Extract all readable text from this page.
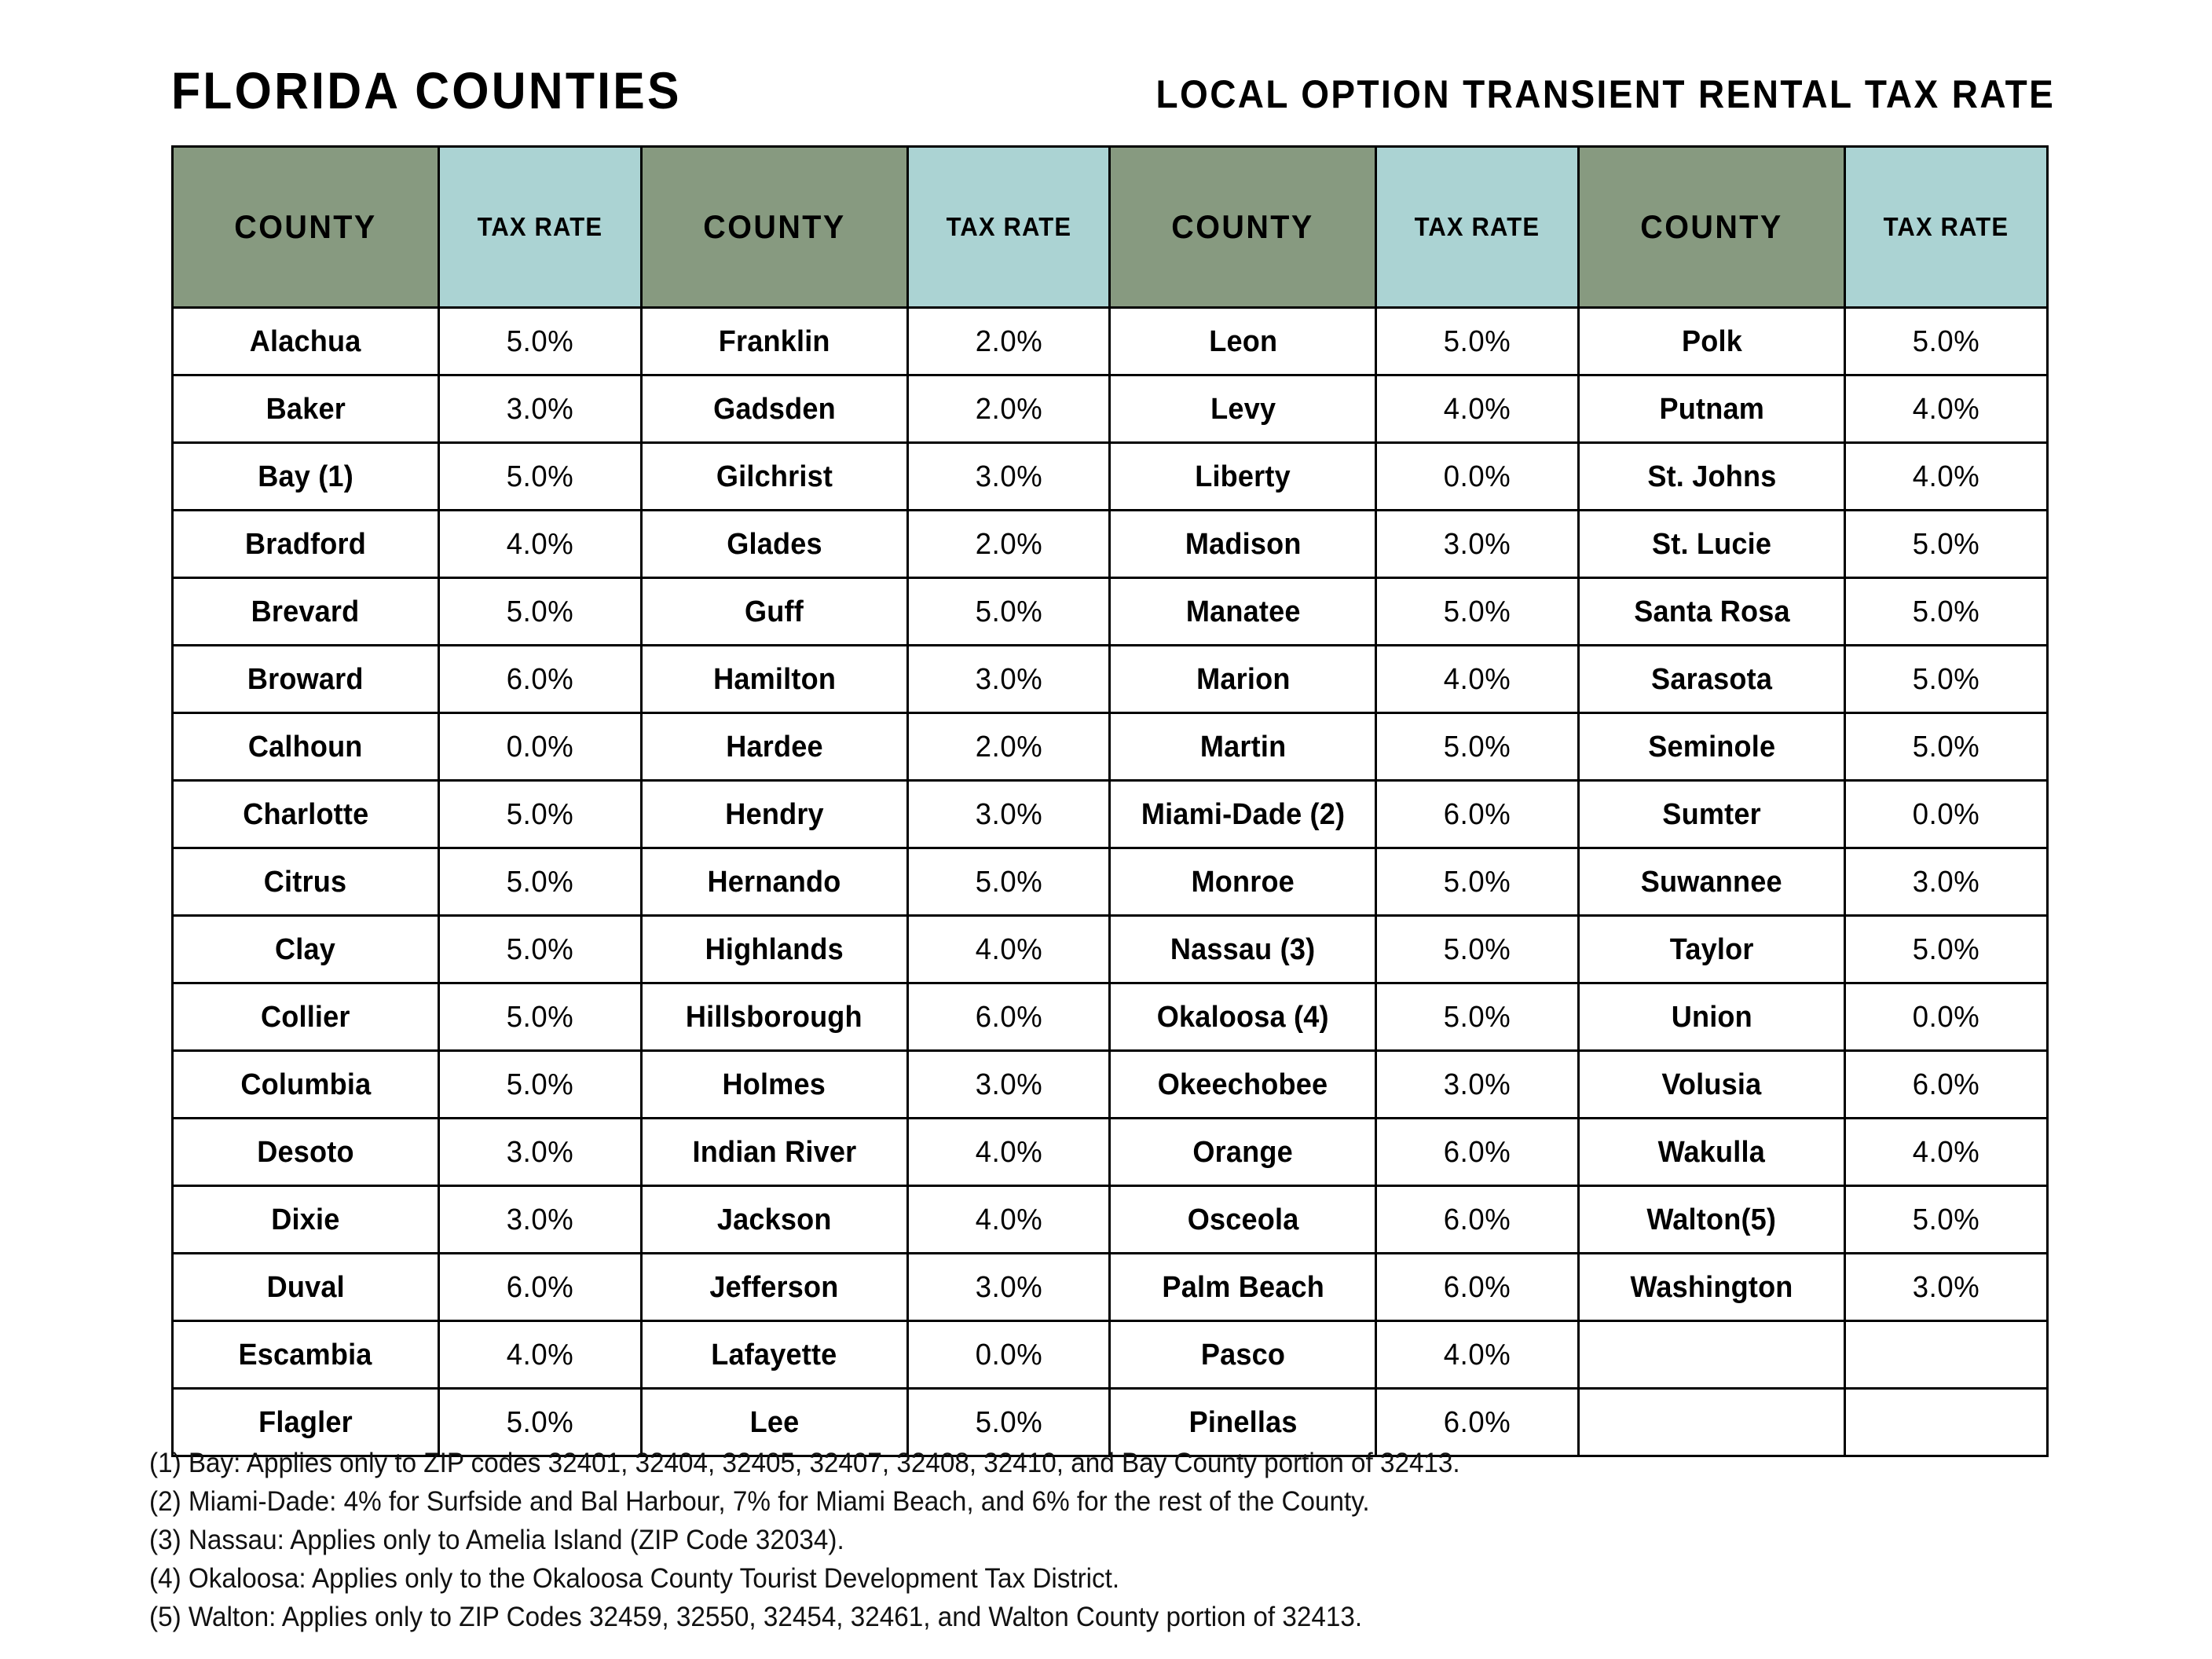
FLORIDA COUNTIES	LOCAL OPTION TRANSIENT RENTAL TAX RATE
COUNTY	TAX RATE	COUNTY	TAX RATE	COUNTY	TAX RATE	COUNTY	TAX RATE

Alachua	5.0%	Franklin	2.0%	Leon	5.0%	Polk	5.0%
Baker	3.0%	Gadsden	2.0%	Levy	4.0%	Putnam	4.0%
Bay (1)	5.0%	Gilchrist	3.0%	Liberty	0.0%	St. Johns	4.0%
Bradford	4.0%	Glades	2.0%	Madison	3.0%	St. Lucie	5.0%
Brevard	5.0%	Guff	5.0%	Manatee	5.0%	Santa Rosa	5.0%
Broward	6.0%	Hamilton	3.0%	Marion	4.0%	Sarasota	5.0%
Calhoun	0.0%	Hardee	2.0%	Martin	5.0%	Seminole	5.0%
Charlotte	5.0%	Hendry	3.0%	Miami-Dade (2)	6.0%	Sumter	0.0%
Citrus	5.0%	Hernando	5.0%	Monroe	5.0%	Suwannee	3.0%
Clay	5.0%	Highlands	4.0%	Nassau (3)	5.0%	Taylor	5.0%
Collier	5.0%	Hillsborough	6.0%	Okaloosa (4)	5.0%	Union	0.0%
Columbia	5.0%	Holmes	3.0%	Okeechobee	3.0%	Volusia	6.0%
Desoto	3.0%	Indian River	4.0%	Orange	6.0%	Wakulla	4.0%
Dixie	3.0%	Jackson	4.0%	Osceola	6.0%	Walton(5)	5.0%
Duval	6.0%	Jefferson	3.0%	Palm Beach	6.0%	Washington	3.0%
Escambia	4.0%	Lafayette	0.0%	Pasco	4.0%		
Flagler	5.0%	Lee	5.0%	Pinellas	6.0%		
(1) Bay: Applies only to ZIP codes 32401, 32404, 32405, 32407, 32408, 32410, and Bay County portion of 32413.
(2) Miami-Dade: 4% for Surfside and Bal Harbour, 7% for Miami Beach, and 6% for the rest of the County.
(3) Nassau: Applies only to Amelia Island (ZIP Code 32034).
(4) Okaloosa: Applies only to the Okaloosa County Tourist Development Tax District.
(5) Walton: Applies only to ZIP Codes 32459, 32550, 32454, 32461, and Walton County portion of 32413.
